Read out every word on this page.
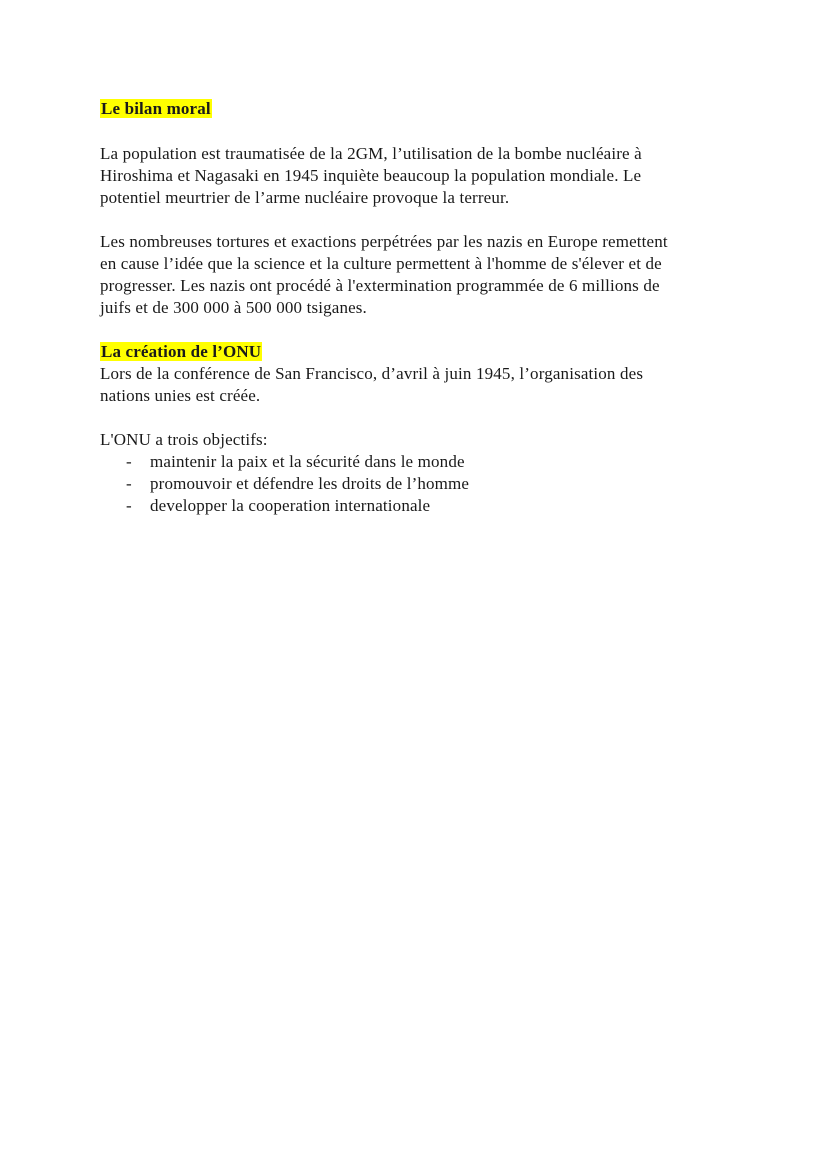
Le bilan moral
La population est traumatisée de la 2GM, l’utilisation de la bombe nucléaire à
Hiroshima et Nagasaki en 1945 inquiète beaucoup la population mondiale. Le
potentiel meurtrier de l’arme nucléaire provoque la terreur.
Les nombreuses tortures et exactions perpétrées par les nazis en Europe remettent
en cause l’idée que la science et la culture permettent à l'homme de s'élever et de
progresser. Les nazis ont procédé à l'extermination programmée de 6 millions de
juifs et de 300 000 à 500 000 tsiganes.
La création de l’ONU
Lors de la conférence de San Francisco, d’avril à juin 1945, l’organisation des
nations unies est créée.
L'ONU a trois objectifs:
-	maintenir la paix et la sécurité dans le monde
-	promouvoir et défendre les droits de l’homme
-	developper la cooperation internationale
